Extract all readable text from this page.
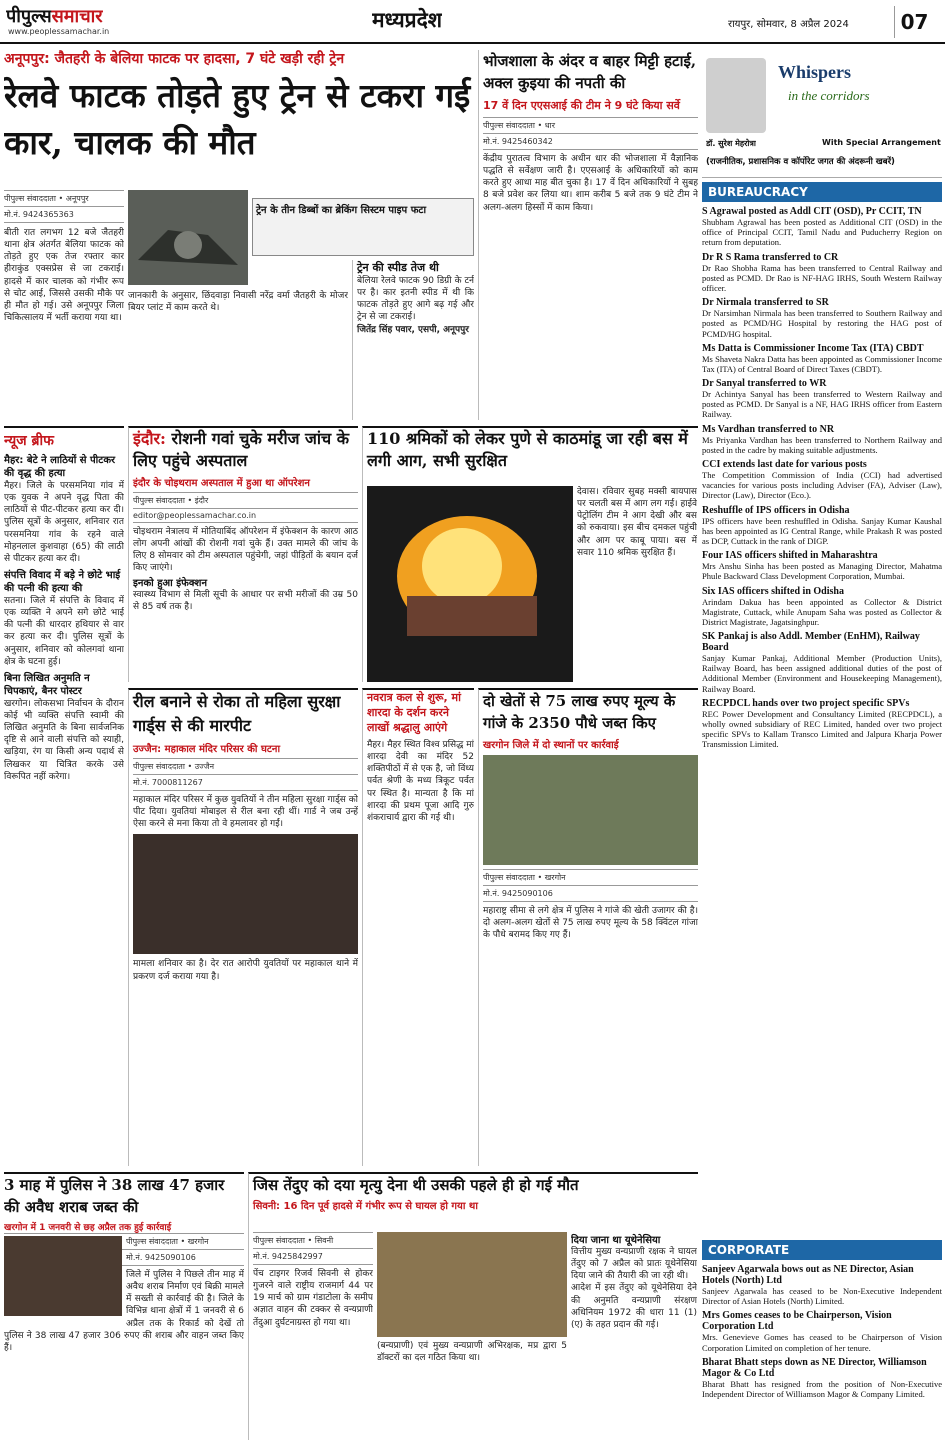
पीपुल्ससमाचार
www.peoplessamachar.in	मध्यप्रदेश	रायपुर, सोमवार, 8 अप्रैल 2024	07
अनूपपुर: जैतहरी के बेलिया फाटक पर हादसा, 7 घंटे खड़ी रही ट्रेन
रेलवे फाटक तोड़ते हुए ट्रेन से टकरा गई कार, चालक की मौत
पीपुल्स संवाददाता • अनूपपुर
मो.नं. 9424365363
बीती रात लगभग 12 बजे जैतहरी थाना क्षेत्र अंतर्गत बेलिया फाटक को तोड़ते हुए एक तेज रफ्तार कार हीराकुंड एक्सप्रेस से जा टकराई। हादसे में कार चालक को गंभीर रूप से चोट आई, जिससे उसकी मौके पर ही मौत हो गई। उसे अनूपपुर जिला चिकित्सालय में भर्ती कराया गया था।
ट्रेन के तीन डिब्बों का ब्रेकिंग सिस्टम पाइप फटा
जानकारी के अनुसार, छिंदवाड़ा निवासी नरेंद्र वर्मा जैतहरी के मोजर बियर प्लांट में काम करते थे।
ट्रेन की स्पीड तेज थी
बेलिया रेलवे फाटक 90 डिग्री के टर्न पर है। कार इतनी स्पीड में थी कि फाटक तोड़ते हुए आगे बढ़ गई और ट्रेन से जा टकराई।
जितेंद्र सिंह पवार, एसपी, अनूपपुर
भोजशाला के अंदर व बाहर मिट्टी हटाई, अक्ल कुइया की नपती की
17 वें दिन एएसआई की टीम ने 9 घंटे किया सर्वे
पीपुल्स संवाददाता • धार
मो.नं. 9425460342
केंद्रीय पुरातत्व विभाग के अधीन धार की भोजशाला में वैज्ञानिक पद्धति से सर्वेक्षण जारी है। एएसआई के अधिकारियों को काम करते हुए आधा माह बीत चुका है। 17 वें दिन अधिकारियों ने सुबह 8 बजे प्रवेश कर लिया था। शाम करीब 5 बजे तक 9 घंटे टीम ने अलग-अलग हिस्सों में काम किया।
Whispers
in the corridors
डॉ. सुरेश मेहरोत्रा	With Special Arrangement
(राजनीतिक, प्रशासनिक व कॉर्पोरेट जगत की अंदरूनी खबरें)
BUREAUCRACY
S Agrawal posted as Addl CIT (OSD), Pr CCIT, TN

Shubham Agrawal has been posted as Additional CIT (OSD) in the office of Principal CCIT, Tamil Nadu and Puducherry Region on return from deputation.

Dr R S Rama transferred to CR

Dr Rao Shobha Rama has been transferred to Central Railway and posted as PCMD. Dr Rao is NF-HAG IRHS, South Western Railway officer.

Dr Nirmala transferred to SR

Dr Narsimhan Nirmala has been transferred to Southern Railway and posted as PCMD/HG Hospital by restoring the HAG post of PCMD/HG hospital.

Ms Datta is Commissioner Income Tax (ITA) CBDT

Ms Shaveta Nakra Datta has been appointed as Commissioner Income Tax (ITA) of Central Board of Direct Taxes (CBDT).

Dr Sanyal transferred to WR

Dr Achintya Sanyal has been transferred to Western Railway and posted as PCMD. Dr Sanyal is a NF, HAG IRHS officer from Eastern Railway.

Ms Vardhan transferred to NR

Ms Priyanka Vardhan has been transferred to Northern Railway and posted in the cadre by making suitable adjustments.

CCI extends last date for various posts

The Competition Commission of India (CCI) had advertised vacancies for various posts including Adviser (FA), Adviser (Law), Director (Law), Director (Eco.).

Reshuffle of IPS officers in Odisha

IPS officers have been reshuffled in Odisha. Sanjay Kumar Kaushal has been appointed as IG Central Range, while Prakash R was posted as DCP, Cuttack in the rank of DIGP.

Four IAS officers shifted in Maharashtra

Mrs Anshu Sinha has been posted as Managing Director, Mahatma Phule Backward Class Development Corporation, Mumbai.

Six IAS officers shifted in Odisha

Arindam Dakua has been appointed as Collector & District Magistrate, Cuttack, while Anupam Saha was posted as Collector & District Magistrate, Jagatsinghpur.

SK Pankaj is also Addl. Member (EnHM), Railway Board

Sanjay Kumar Pankaj, Additional Member (Production Units), Railway Board, has been assigned additional duties of the post of Additional Member (Environment and Housekeeping Management), Railway Board.

RECPDCL hands over two project specific SPVs

REC Power Development and Consultancy Limited (RECPDCL), a wholly owned subsidiary of REC Limited, handed over two project specific SPVs to Kallam Transco Limited and Jalpura Kharja Power Transmission Limited.

CORPORATE
Sanjeev Agarwala bows out as NE Director, Asian Hotels (North) Ltd

Sanjeev Agarwala has ceased to be Non-Executive Independent Director of Asian Hotels (North) Limited.

Mrs Gomes ceases to be Chairperson, Vision Corporation Ltd

Mrs. Genevieve Gomes has ceased to be Chairperson of Vision Corporation Limited on completion of her tenure.

Bharat Bhatt steps down as NE Director, Williamson Magor & Co Ltd

Bharat Bhatt has resigned from the position of Non-Executive Independent Director of Williamson Magor & Company Limited.

न्यूज ब्रीफ
मैहर: बेटे ने लाठियों से पीटकर की वृद्ध की हत्या
मैहर। जिले के परसमनिया गांव में एक युवक ने अपने वृद्ध पिता की लाठियों से पीट-पीटकर हत्या कर दी। पुलिस सूत्रों के अनुसार, शनिवार रात परसमनिया गांव के रहने वाले मोहनलाल कुशवाहा (65) की लाठी से पीटकर हत्या कर दी।
संपत्ति विवाद में बड़े ने छोटे भाई की पत्नी की हत्या की
सतना। जिले में संपत्ति के विवाद में एक व्यक्ति ने अपने सगे छोटे भाई की पत्नी की धारदार हथियार से वार कर हत्या कर दी। पुलिस सूत्रों के अनुसार, शनिवार को कोलगवां थाना क्षेत्र के घटना हुई।
बिना लिखित अनुमति न चिपकाएं, बैनर पोस्टर
खरगोन। लोकसभा निर्वाचन के दौरान कोई भी व्यक्ति संपत्ति स्वामी की लिखित अनुमति के बिना सार्वजनिक दृष्टि से आने वाली संपत्ति को स्याही, खड़िया, रंग या किसी अन्य पदार्थ से लिखकर या चित्रित करके उसे विरूपित नहीं करेगा।
इंदौर: रोशनी गवां चुके मरीज जांच के लिए पहुंचे अस्पताल
इंदौर के चोइथराम अस्पताल में हुआ था ऑपरेशन
पीपुल्स संवाददाता • इंदौर
editor@peoplessamachar.co.in
चोइथराम नेत्रालय में मोतियाबिंद ऑपरेशन में इंफेक्शन के कारण आठ लोग अपनी आंखों की रोशनी गवां चुके हैं। उक्त मामले की जांच के लिए 8 सोमवार को टीम अस्पताल पहुंचेगी, जहां पीड़ितों के बयान दर्ज किए जाएंगे।
इनको हुआ इंफेक्शन
स्वास्थ्य विभाग से मिली सूची के आधार पर सभी मरीजों की उम्र 50 से 85 वर्ष तक है।
110 श्रमिकों को लेकर पुणे से काठमांडू जा रही बस में लगी आग, सभी सुरक्षित
देवास। रविवार सुबह मक्सी बायपास पर चलती बस में आग लग गई। हाईवे पेट्रोलिंग टीम ने आग देखी और बस को रुकवाया। इस बीच दमकल पहुंची और आग पर काबू पाया। बस में सवार 110 श्रमिक सुरक्षित हैं।
रील बनाने से रोका तो महिला सुरक्षा गार्ड्स से की मारपीट
उज्जैन: महाकाल मंदिर परिसर की घटना
पीपुल्स संवाददाता • उज्जैन
मो.नं. 7000811267
महाकाल मंदिर परिसर में कुछ युवतियों ने तीन महिला सुरक्षा गार्ड्स को पीट दिया। युवतियां मोबाइल से रील बना रही थीं। गार्ड ने जब उन्हें ऐसा करने से मना किया तो वे हमलावर हो गईं।
मामला शनिवार का है। देर रात आरोपी युवतियों पर महाकाल थाने में प्रकरण दर्ज कराया गया है।
नवरात्र कल से शुरू, मां शारदा के दर्शन करने लाखों श्रद्धालु आएंगे
मैहर। मैहर स्थित विश्व प्रसिद्ध मां शारदा देवी का मंदिर 52 शक्तिपीठों में से एक है, जो विंध्य पर्वत श्रेणी के मध्य त्रिकूट पर्वत पर स्थित है। मान्यता है कि मां शारदा की प्रथम पूजा आदि गुरु शंकराचार्य द्वारा की गई थी।
दो खेतों से 75 लाख रुपए मूल्य के गांजे के 2350 पौधे जब्त किए
खरगोन जिले में दो स्थानों पर कार्रवाई
पीपुल्स संवाददाता • खरगोन
मो.नं. 9425090106
महाराष्ट्र सीमा से लगे क्षेत्र में पुलिस ने गांजे की खेती उजागर की है। दो अलग-अलग खेतों से 75 लाख रुपए मूल्य के 58 क्विंटल गांजा के पौधे बरामद किए गए हैं।
3 माह में पुलिस ने 38 लाख 47 हजार की अवैध शराब जब्त की
खरगोन में 1 जनवरी से छह अप्रैल तक हुई कार्रवाई
पीपुल्स संवाददाता • खरगोन
मो.नं. 9425090106
जिले में पुलिस ने पिछले तीन माह में अवैध शराब निर्माण एवं बिक्री मामले में सख्ती से कार्रवाई की है। जिले के विभिन्न थाना क्षेत्रों में 1 जनवरी से 6 अप्रैल तक के रिकार्ड को देखें तो पुलिस ने 38 लाख 47 हजार 306 रुपए की शराब और वाहन जब्त किए हैं।
जिस तेंदुए को दया मृत्यु देना थी उसकी पहले ही हो गई मौत
सिवनी: 16 दिन पूर्व हादसे में गंभीर रूप से घायल हो गया था
पीपुल्स संवाददाता • सिवनी
मो.नं. 9425842997
पेंच टाइगर रिजर्व सिवनी से होकर गुजरने वाले राष्ट्रीय राजमार्ग 44 पर 19 मार्च को ग्राम गंडाटोला के समीप अज्ञात वाहन की टक्कर से वन्यप्राणी तेंदुआ दुर्घटनाग्रस्त हो गया था।
(बन्यप्राणी) एवं मुख्य वन्यप्राणी अभिरक्षक, मप्र द्वारा 5 डॉक्टरों का दल गठित किया था।
दिया जाना था यूथेनेसिया
वित्तीय मुख्य वन्यप्राणी रक्षक ने घायल तेंदुए को 7 अप्रैल को प्रातः यूथेनेसिया दिया जाने की तैयारी की जा रही थी।
आदेश में इस तेंदुए को यूथेनेसिया देने की अनुमति वन्यप्राणी संरक्षण अधिनियम 1972 की धारा 11 (1) (ए) के तहत प्रदान की गई।
